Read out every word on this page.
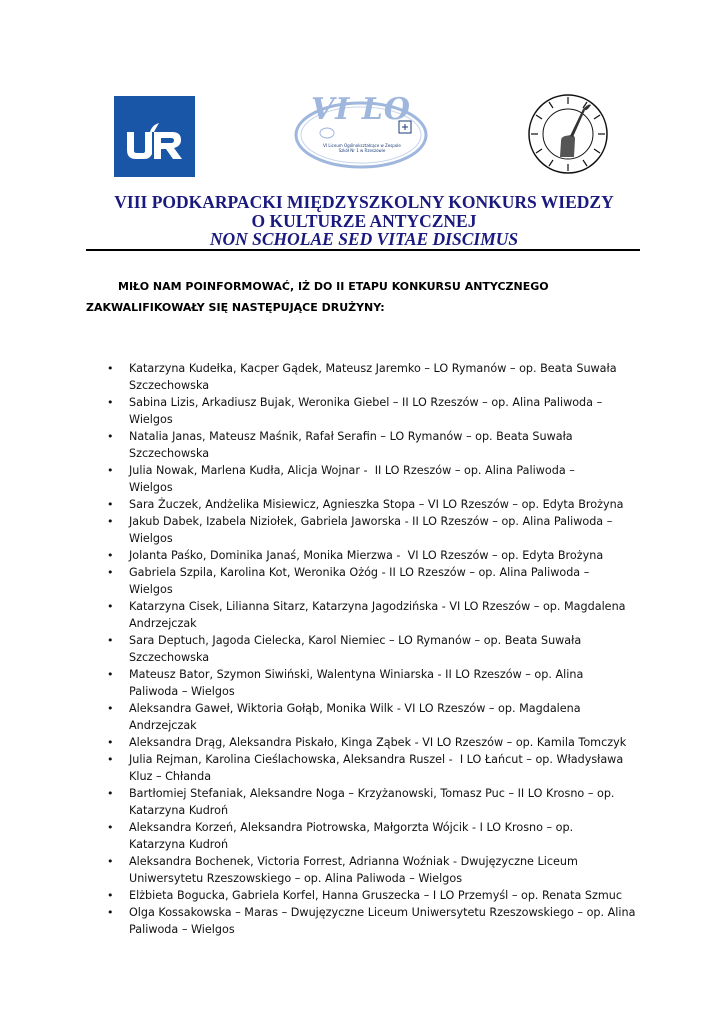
VI LO
VI Liceum Ogólnokształcące w Zespole Szkół Nr 1 w Rzeszowie
VIII PODKARPACKI MIĘDZYSZKOLNY KONKURS WIEDZY
O KULTURZE ANTYCZNEJ
NON SCHOLAE SED VITAE DISCIMUS
MIŁO NAM POINFORMOWAĆ, IŻ DO II ETAPU KONKURSU ANTYCZNEGO
ZAKWALIFIKOWAŁY SIĘ NASTĘPUJĄCE DRUŻYNY:
• Katarzyna Kudełka, Kacper Gądek, Mateusz Jaremko – LO Rymanów – op. Beata Suwała
Szczechowska
• Sabina Lizis, Arkadiusz Bujak, Weronika Giebel – II LO Rzeszów – op. Alina Paliwoda –
Wielgos
• Natalia Janas, Mateusz Maśnik, Rafał Serafin – LO Rymanów – op. Beata Suwała
Szczechowska
• Julia Nowak, Marlena Kudła, Alicja Wojnar -  II LO Rzeszów – op. Alina Paliwoda –
Wielgos
• Sara Żuczek, Andżelika Misiewicz, Agnieszka Stopa – VI LO Rzeszów – op. Edyta Brożyna
• Jakub Dabek, Izabela Niziołek, Gabriela Jaworska - II LO Rzeszów – op. Alina Paliwoda –
Wielgos
• Jolanta Paśko, Dominika Janaś, Monika Mierzwa -  VI LO Rzeszów – op. Edyta Brożyna
• Gabriela Szpila, Karolina Kot, Weronika Ożóg - II LO Rzeszów – op. Alina Paliwoda –
Wielgos
• Katarzyna Cisek, Lilianna Sitarz, Katarzyna Jagodzińska - VI LO Rzeszów – op. Magdalena
Andrzejczak
• Sara Deptuch, Jagoda Cielecka, Karol Niemiec – LO Rymanów – op. Beata Suwała
Szczechowska
• Mateusz Bator, Szymon Siwiński, Walentyna Winiarska - II LO Rzeszów – op. Alina
Paliwoda – Wielgos
• Aleksandra Gaweł, Wiktoria Gołąb, Monika Wilk - VI LO Rzeszów – op. Magdalena
Andrzejczak
• Aleksandra Drąg, Aleksandra Piskało, Kinga Ząbek - VI LO Rzeszów – op. Kamila Tomczyk
• Julia Rejman, Karolina Cieślachowska, Aleksandra Ruszel -  I LO Łańcut – op. Władysława
Kluz – Chłanda
• Bartłomiej Stefaniak, Aleksandre Noga – Krzyżanowski, Tomasz Puc – II LO Krosno – op.
Katarzyna Kudroń
• Aleksandra Korzeń, Aleksandra Piotrowska, Małgorzta Wójcik - I LO Krosno – op.
Katarzyna Kudroń
• Aleksandra Bochenek, Victoria Forrest, Adrianna Woźniak - Dwujęzyczne Liceum
Uniwersytetu Rzeszowskiego – op. Alina Paliwoda – Wielgos
• Elżbieta Bogucka, Gabriela Korfel, Hanna Gruszecka – I LO Przemyśl – op. Renata Szmuc
• Olga Kossakowska – Maras – Dwujęzyczne Liceum Uniwersytetu Rzeszowskiego – op. Alina
Paliwoda – Wielgos
